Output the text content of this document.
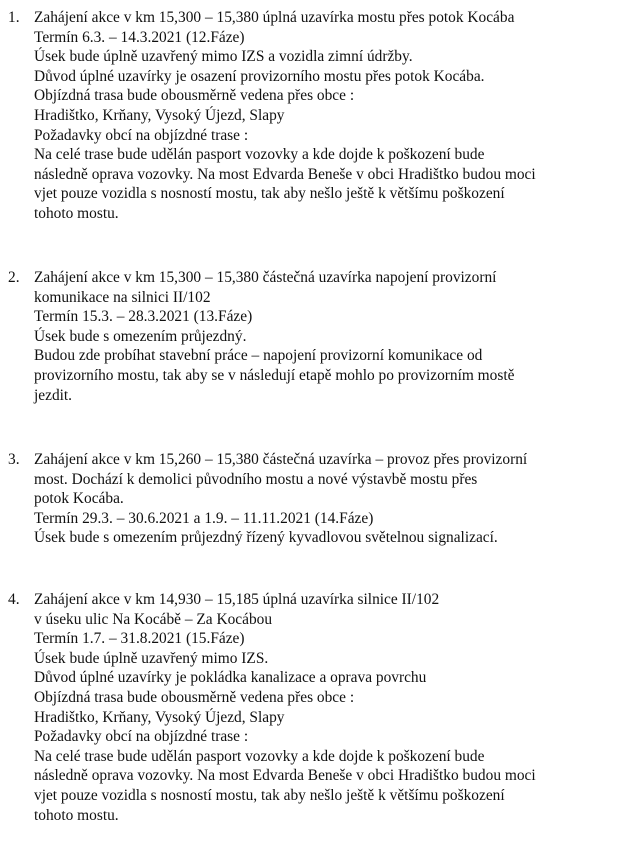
1. Zahájení akce v km 15,300 – 15,380 úplná uzavírka mostu přes potok Kocába
Termín 6.3. – 14.3.2021 (12.Fáze)
Úsek bude úplně uzavřený mimo IZS a vozidla zimní údržby.
Důvod úplné uzavírky je osazení provizorního mostu přes potok Kocába.
Objízdná trasa bude obousměrně vedena přes obce :
Hradištko, Krňany, Vysoký Újezd, Slapy
Požadavky obcí na objízdné trase :
Na celé trase bude udělán pasport vozovky a kde dojde k poškození bude
následně oprava vozovky. Na most Edvarda Beneše v obci Hradištko budou moci
vjet pouze vozidla s nosností mostu, tak aby nešlo ještě k většímu poškození
tohoto mostu.
2. Zahájení akce v km 15,300 – 15,380 částečná uzavírka napojení provizorní
komunikace na silnici II/102
Termín 15.3. – 28.3.2021 (13.Fáze)
Úsek bude s omezením průjezdný.
Budou zde probíhat stavební práce – napojení provizorní komunikace od
provizorního mostu, tak aby se v následují etapě mohlo po provizorním mostě
jezdit.
3. Zahájení akce v km 15,260 – 15,380 částečná uzavírka – provoz přes provizorní
most. Dochází k demolici původního mostu a nové výstavbě mostu přes
potok Kocába.
Termín 29.3. – 30.6.2021 a 1.9. – 11.11.2021 (14.Fáze)
Úsek bude s omezením průjezdný řízený kyvadlovou světelnou signalizací.
4. Zahájení akce v km 14,930 – 15,185 úplná uzavírka silnice II/102
v úseku ulic Na Kocábě – Za Kocábou
Termín 1.7. – 31.8.2021 (15.Fáze)
Úsek bude úplně uzavřený mimo IZS.
Důvod úplné uzavírky je pokládka kanalizace a oprava povrchu
Objízdná trasa bude obousměrně vedena přes obce :
Hradištko, Krňany, Vysoký Újezd, Slapy
Požadavky obcí na objízdné trase :
Na celé trase bude udělán pasport vozovky a kde dojde k poškození bude
následně oprava vozovky. Na most Edvarda Beneše v obci Hradištko budou moci
vjet pouze vozidla s nosností mostu, tak aby nešlo ještě k většímu poškození
tohoto mostu.
